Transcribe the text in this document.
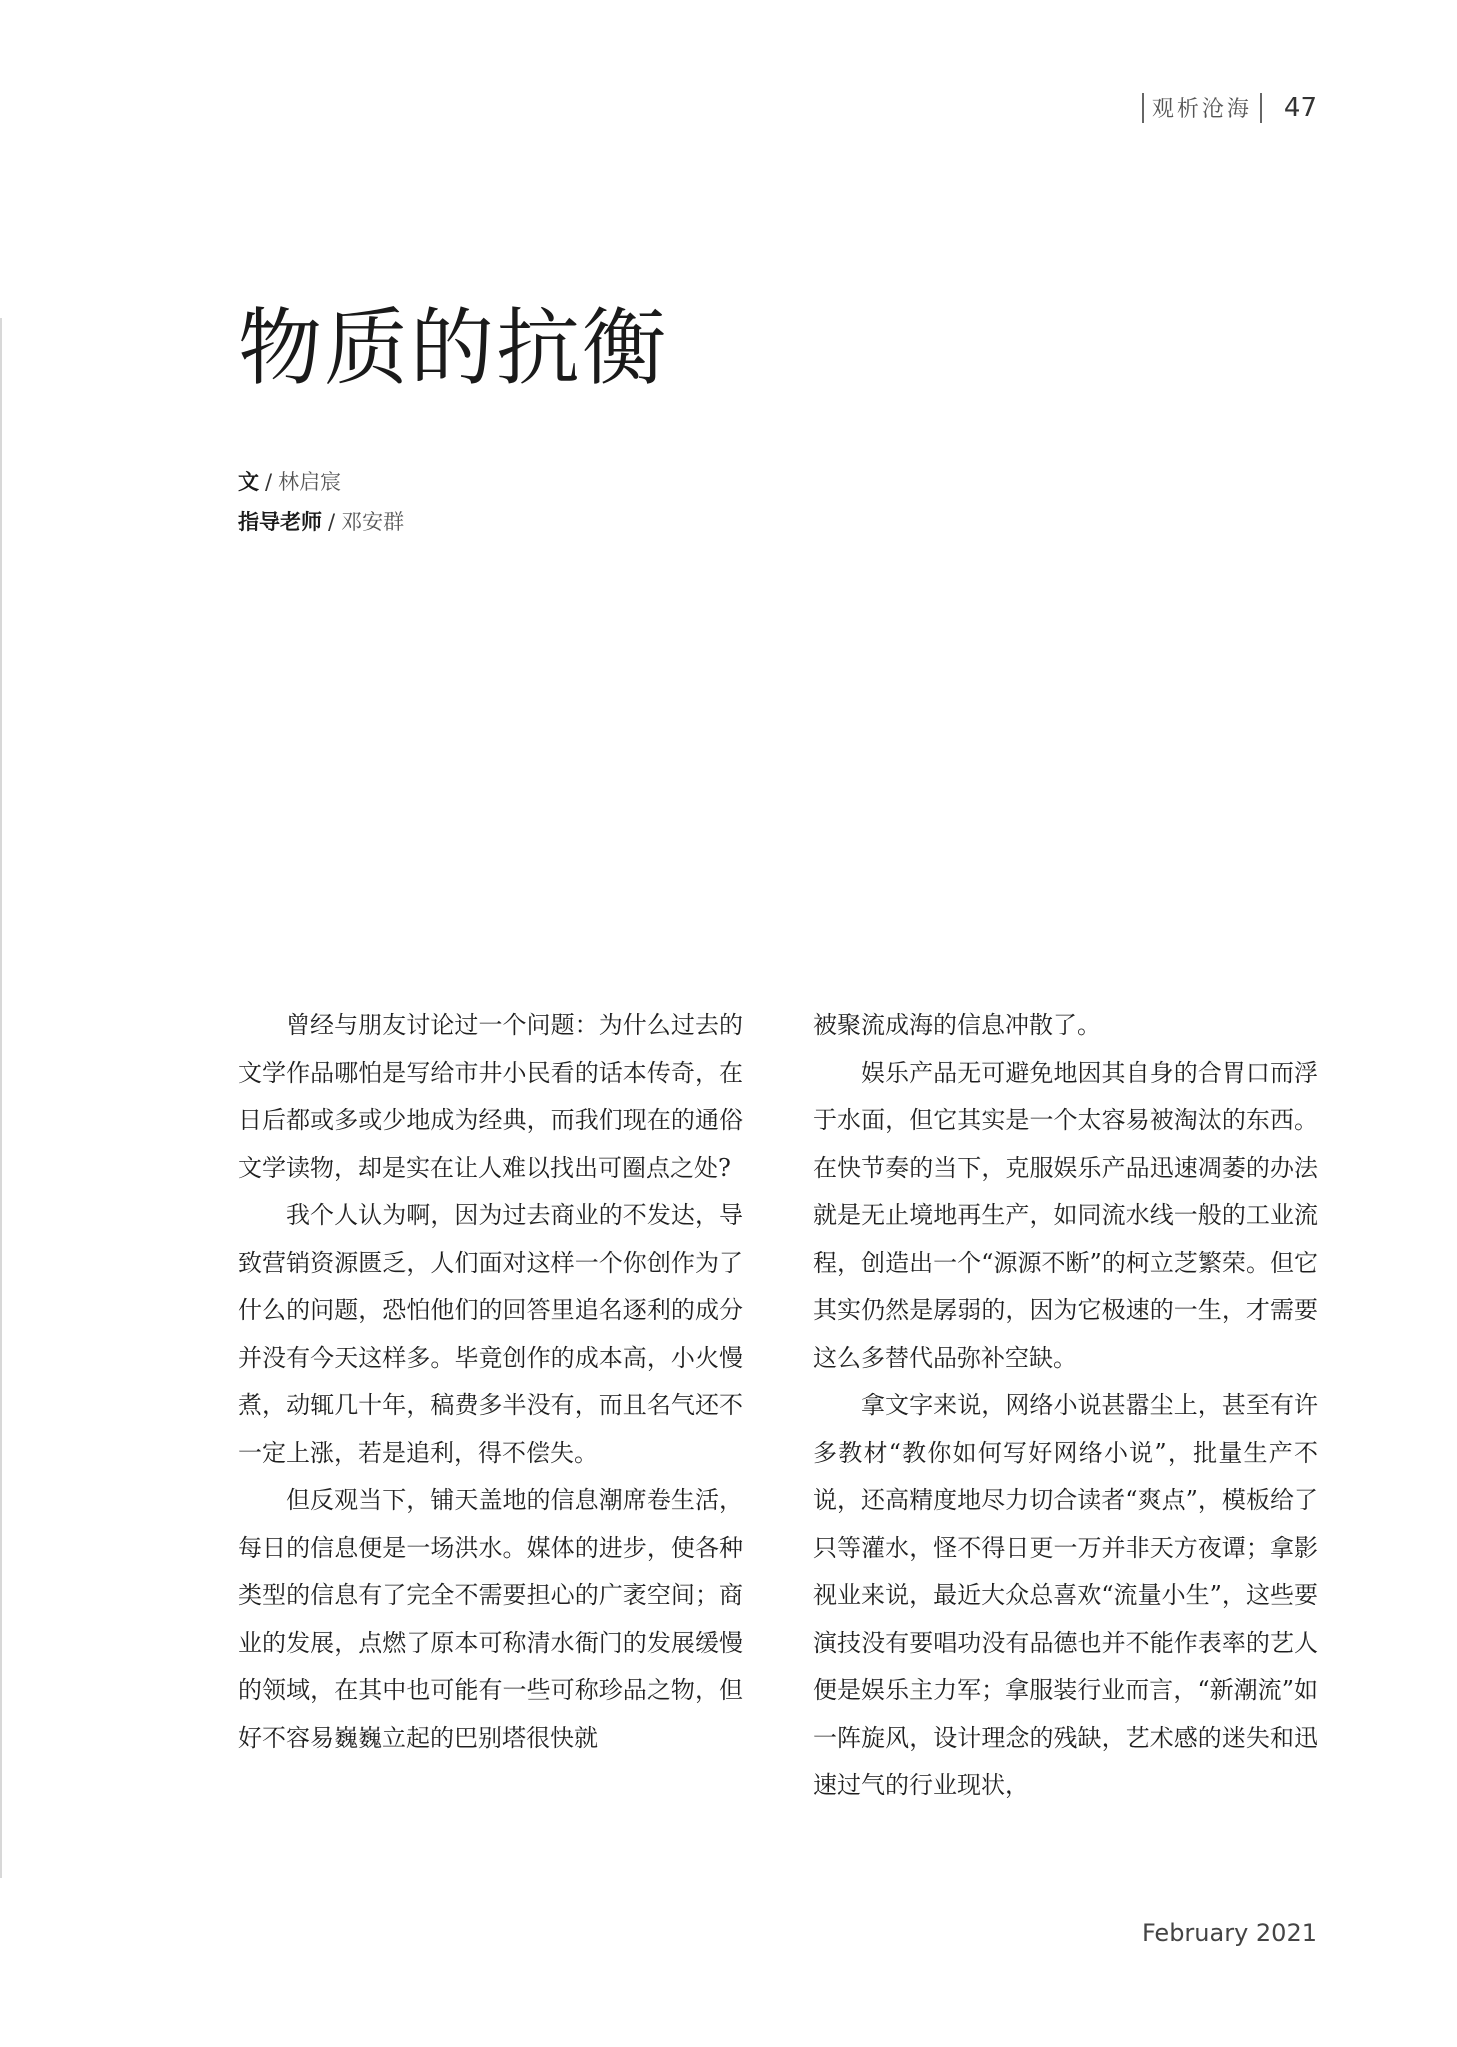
观析沧海 47
物质的抗衡
文 / 林启宸
指导老师 / 邓安群

曾经与朋友讨论过一个问题：为什么过去的文学作品哪怕是写给市井小民看的话本传奇，在日后都或多或少地成为经典，而我们现在的通俗文学读物，却是实在让人难以找出可圈点之处?

我个人认为啊，因为过去商业的不发达，导致营销资源匮乏，人们面对这样一个你创作为了什么的问题，恐怕他们的回答里追名逐利的成分并没有今天这样多。毕竟创作的成本高，小火慢煮，动辄几十年，稿费多半没有，而且名气还不一定上涨，若是追利，得不偿失。

但反观当下，铺天盖地的信息潮席卷生活，每日的信息便是一场洪水。媒体的进步，使各种类型的信息有了完全不需要担心的广袤空间；商业的发展，点燃了原本可称清水衙门的发展缓慢的领域，在其中也可能有一些可称珍品之物，但好不容易巍巍立起的巴别塔很快就

被聚流成海的信息冲散了。

娱乐产品无可避免地因其自身的合胃口而浮于水面，但它其实是一个太容易被淘汰的东西。在快节奏的当下，克服娱乐产品迅速凋萎的办法就是无止境地再生产，如同流水线一般的工业流程，创造出一个“源源不断”的柯立芝繁荣。但它其实仍然是孱弱的，因为它极速的一生，才需要这么多替代品弥补空缺。

拿文字来说，网络小说甚嚣尘上，甚至有许多教材“教你如何写好网络小说”，批量生产不说，还高精度地尽力切合读者“爽点”，模板给了只等灌水，怪不得日更一万并非天方夜谭；拿影视业来说，最近大众总喜欢“流量小生”，这些要演技没有要唱功没有品德也并不能作表率的艺人便是娱乐主力军；拿服装行业而言，“新潮流”如一阵旋风，设计理念的残缺，艺术感的迷失和迅速过气的行业现状，

February 2021
